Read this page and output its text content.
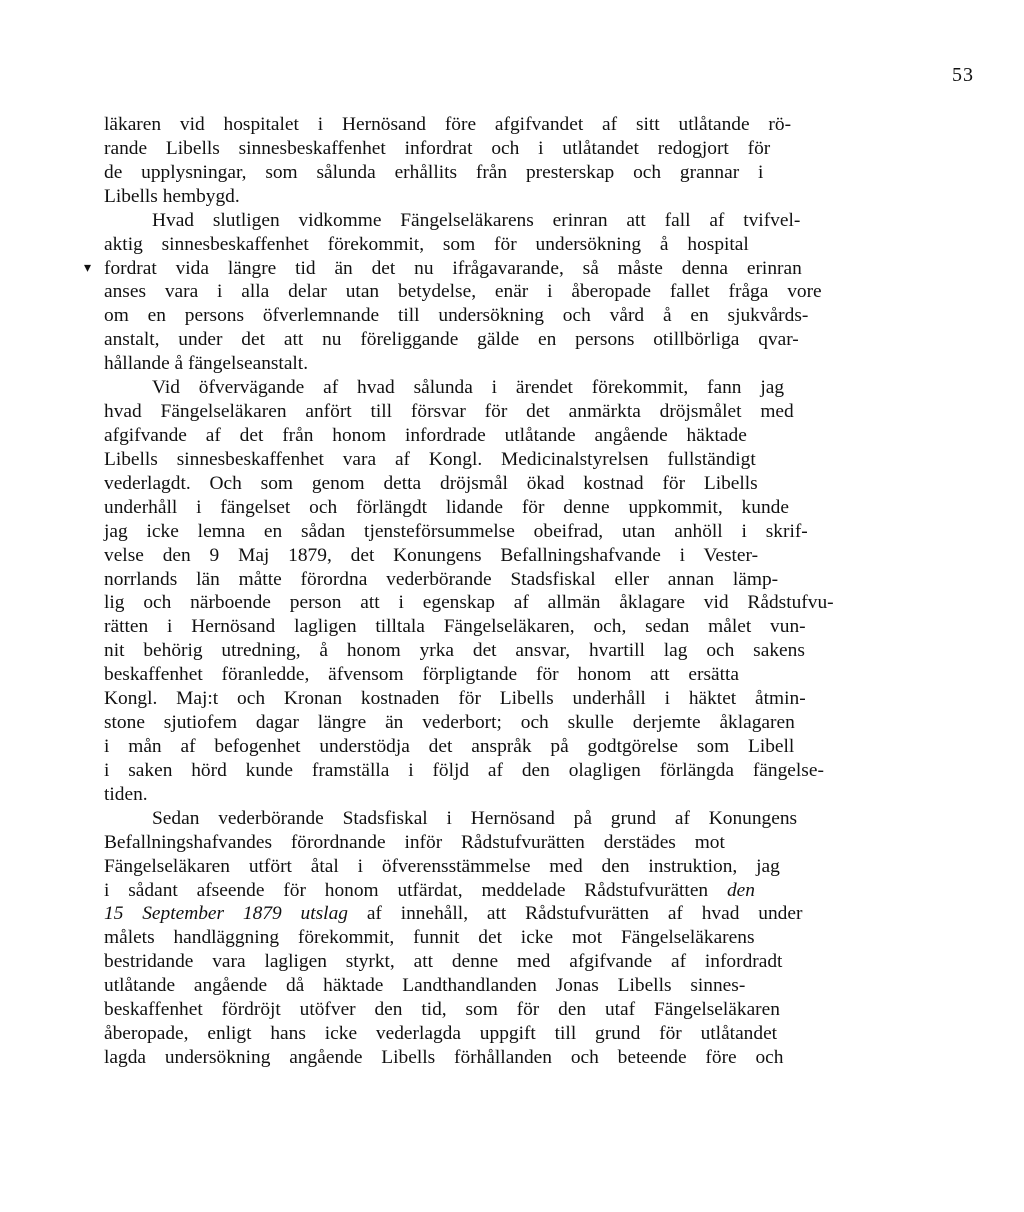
53
▾
läkaren vid hospitalet i Hernösand före afgifvandet af sitt utlåtande rö-
rande Libells sinnesbeskaffenhet infordrat och i utlåtandet redogjort för
de upplysningar, som sålunda erhållits från presterskap och grannar i
Libells hembygd.
Hvad slutligen vidkomme Fängelseläkarens erinran att fall af tvifvel-
aktig sinnesbeskaffenhet förekommit, som för undersökning å hospital
fordrat vida längre tid än det nu ifrågavarande, så måste denna erinran
anses vara i alla delar utan betydelse, enär i åberopade fallet fråga vore
om en persons öfverlemnande till undersökning och vård å en sjukvårds-
anstalt, under det att nu föreliggande gälde en persons otillbörliga qvar-
hållande å fängelseanstalt.
Vid öfvervägande af hvad sålunda i ärendet förekommit, fann jag
hvad Fängelseläkaren anfört till försvar för det anmärkta dröjsmålet med
afgifvande af det från honom infordrade utlåtande angående häktade
Libells sinnesbeskaffenhet vara af Kongl. Medicinalstyrelsen fullständigt
vederlagdt. Och som genom detta dröjsmål ökad kostnad för Libells
underhåll i fängelset och förlängdt lidande för denne uppkommit, kunde
jag icke lemna en sådan tjensteförsummelse obeifrad, utan anhöll i skrif-
velse den 9 Maj 1879, det Konungens Befallningshafvande i Vester-
norrlands län måtte förordna vederbörande Stadsfiskal eller annan lämp-
lig och närboende person att i egenskap af allmän åklagare vid Rådstufvu-
rätten i Hernösand lagligen tilltala Fängelseläkaren, och, sedan målet vun-
nit behörig utredning, å honom yrka det ansvar, hvartill lag och sakens
beskaffenhet föranledde, äfvensom förpligtande för honom att ersätta
Kongl. Maj:t och Kronan kostnaden för Libells underhåll i häktet åtmin-
stone sjutiofem dagar längre än vederbort; och skulle derjemte åklagaren
i mån af befogenhet understödja det anspråk på godtgörelse som Libell
i saken hörd kunde framställa i följd af den olagligen förlängda fängelse-
tiden.
Sedan vederbörande Stadsfiskal i Hernösand på grund af Konungens
Befallningshafvandes förordnande inför Rådstufvurätten derstädes mot
Fängelseläkaren utfört åtal i öfverensstämmelse med den instruktion, jag
i sådant afseende för honom utfärdat, meddelade Rådstufvurätten den
15 September 1879 utslag af innehåll, att Rådstufvurätten af hvad under
målets handläggning förekommit, funnit det icke mot Fängelseläkarens
bestridande vara lagligen styrkt, att denne med afgifvande af infordradt
utlåtande angående då häktade Landthandlanden Jonas Libells sinnes-
beskaffenhet fördröjt utöfver den tid, som för den utaf Fängelseläkaren
åberopade, enligt hans icke vederlagda uppgift till grund för utlåtandet
lagda undersökning angående Libells förhållanden och beteende före och
